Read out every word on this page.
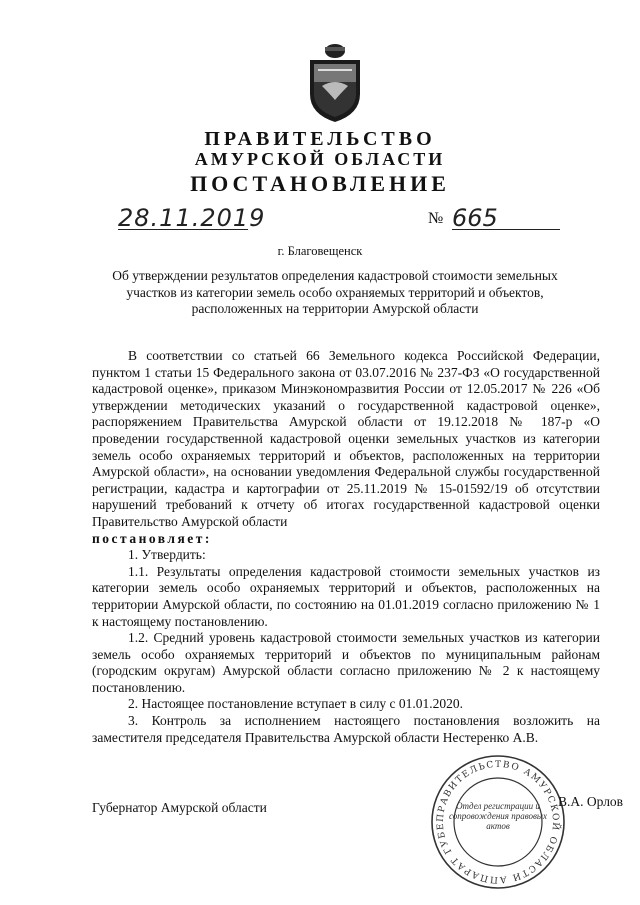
ПРАВИТЕЛЬСТВО
АМУРСКОЙ ОБЛАСТИ
ПОСТАНОВЛЕНИЕ
28.11.2019	№ 665
г. Благовещенск
Об утверждении результатов определения кадастровой стоимости земельных участков из категории земель особо охраняемых территорий и объектов, расположенных на территории Амурской области

В соответствии со статьей 66 Земельного кодекса Российской Федерации, пунктом 1 статьи 15 Федерального закона от 03.07.2016 № 237-ФЗ «О государственной кадастровой оценке», приказом Минэкономразвития России от 12.05.2017 № 226 «Об утверждении методических указаний о государственной кадастровой оценке», распоряжением Правительства Амурской области от 19.12.2018 № 187-р «О проведении государственной кадастровой оценки земельных участков из категории земель особо охраняемых территорий и объектов, расположенных на территории Амурской области», на основании уведомления Федеральной службы государственной регистрации, кадастра и картографии от 25.11.2019 № 15-01592/19 об отсутствии нарушений требований к отчету об итогах государственной кадастровой оценки Правительство Амурской области

постановляет:

1. Утвердить:

1.1. Результаты определения кадастровой стоимости земельных участков из категории земель особо охраняемых территорий и объектов, расположенных на территории Амурской области, по состоянию на 01.01.2019 согласно приложению № 1 к настоящему постановлению.

1.2. Средний уровень кадастровой стоимости земельных участков из категории земель особо охраняемых территорий и объектов по муниципальным районам (городским округам) Амурской области согласно приложению № 2 к настоящему постановлению.

2. Настоящее постановление вступает в силу с 01.01.2020.

3. Контроль за исполнением настоящего постановления возложить на заместителя председателя Правительства Амурской области Нестеренко А.В.

Губернатор Амурской области
ПРАВИТЕЛЬСТВО АМУРСКОЙ ОБЛАСТИ АППАРАТ ГУБЕ
Отдел регистрации и сопровождения правовых актов
В.А. Орлов
